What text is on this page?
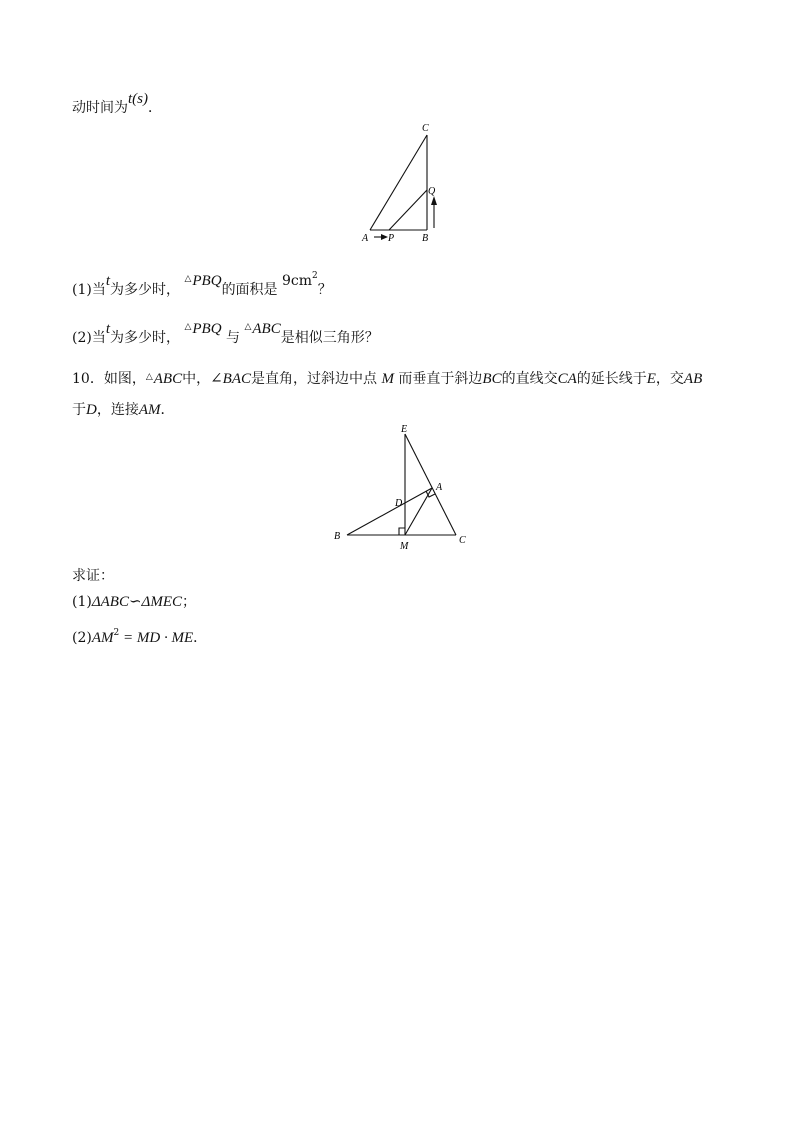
动时间为t(s)．
C
Q
A P	B
(1)当t为多少时， △PBQ的面积是 $9cm^2$？
(2)当t为多少时， △PBQ 与 △ABC是相似三角形？
10．如图，△ABC中，∠BAC是直角，过斜边中点 M 而垂直于斜边BC的直线交CA的延长线于E，交AB
于D，连接AM．
E
D
A
B
M
C
求证：
(1)ΔABC∽ΔMEC；
$(2)AM^2$ = MD · ME．
